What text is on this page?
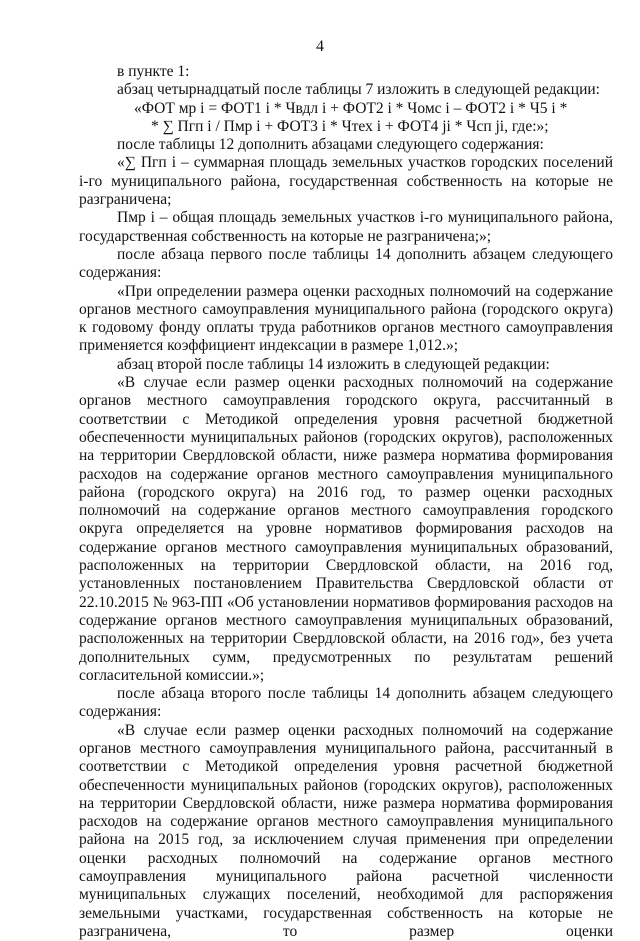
4

в пункте 1:

абзац четырнадцатый после таблицы 7 изложить в следующей редакции:

«ФОТ мр i = ФОТ1 i * Чвдл i + ФОТ2 i * Чомс i – ФОТ2 i * Ч5 i *

* ∑ Пгп i / Пмр i + ФОТ3 i * Чтех i + ФОТ4 ji * Чсп ji, где:»;

после таблицы 12 дополнить абзацами следующего содержания:

«∑ Пгп i – суммарная площадь земельных участков городских поселений i-го муниципального района, государственная собственность на которые не разграничена;

Пмр i – общая площадь земельных участков i-го муниципального района, государственная собственность на которые не разграничена;»;

после абзаца первого после таблицы 14 дополнить абзацем следующего содержания:

«При определении размера оценки расходных полномочий на содержание органов местного самоуправления муниципального района (городского округа) к годовому фонду оплаты труда работников органов местного самоуправления применяется коэффициент индексации в размере 1,012.»;

абзац второй после таблицы 14 изложить в следующей редакции:

«В случае если размер оценки расходных полномочий на содержание органов местного самоуправления городского округа, рассчитанный в соответствии с Методикой определения уровня расчетной бюджетной обеспеченности муниципальных районов (городских округов), расположенных на территории Свердловской области, ниже размера норматива формирования расходов на содержание органов местного самоуправления муниципального района (городского округа) на 2016 год, то размер оценки расходных полномочий на содержание органов местного самоуправления городского округа определяется на уровне нормативов формирования расходов на содержание органов местного самоуправления муниципальных образований, расположенных на территории Свердловской области, на 2016 год, установленных постановлением Правительства Свердловской области от 22.10.2015 № 963-ПП «Об установлении нормативов формирования расходов на содержание органов местного самоуправления муниципальных образований, расположенных на территории Свердловской области, на 2016 год», без учета дополнительных сумм, предусмотренных по результатам решений согласительной комиссии.»;

после абзаца второго после таблицы 14 дополнить абзацем следующего содержания:

«В случае если размер оценки расходных полномочий на содержание органов местного самоуправления муниципального района, рассчитанный в соответствии с Методикой определения уровня расчетной бюджетной обеспеченности муниципальных районов (городских округов), расположенных на территории Свердловской области, ниже размера норматива формирования расходов на содержание органов местного самоуправления муниципального района на 2015 год, за исключением случая применения при определении оценки расходных полномочий на содержание органов местного самоуправления муниципального района расчетной численности муниципальных служащих поселений, необходимой для распоряжения земельными участками, государственная собственность на которые не разграничена, то размер оценки
